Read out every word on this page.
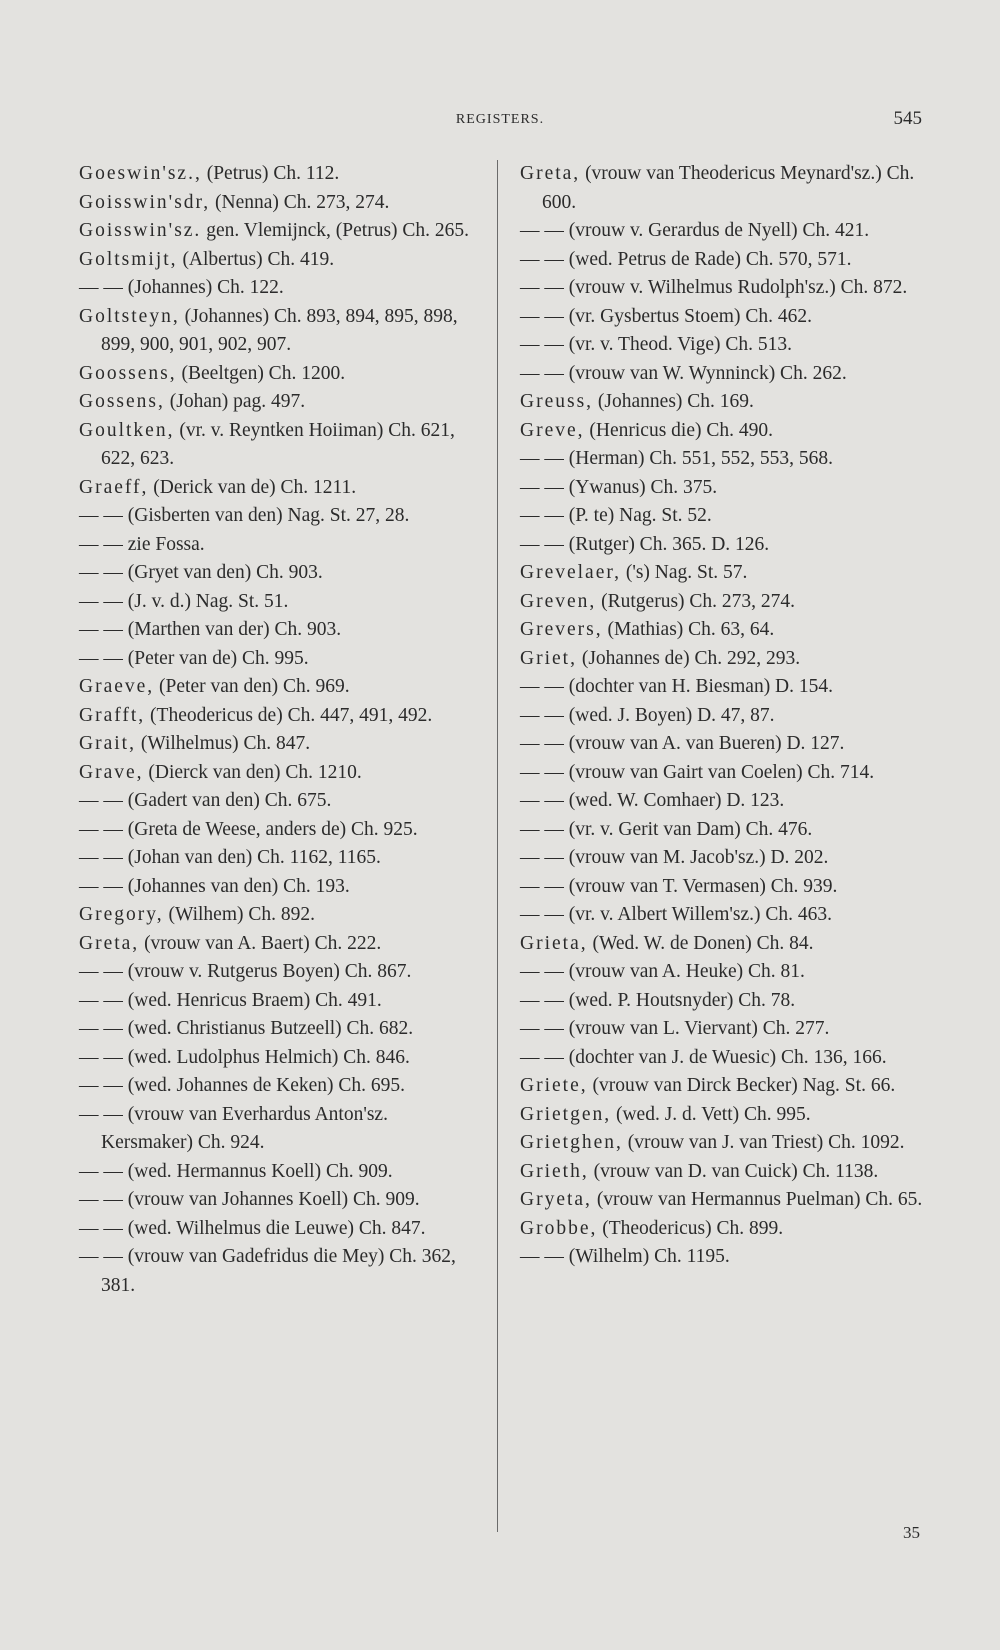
REGISTERS.	545
Goeswin'sz., (Petrus) Ch. 112.
Goisswin'sdr, (Nenna) Ch. 273, 274.
Goisswin'sz. gen. Vlemijnck, (Petrus) Ch. 265.
Goltsmijt, (Albertus) Ch. 419.
— — (Johannes) Ch. 122.
Goltsteyn, (Johannes) Ch. 893, 894, 895, 898, 899, 900, 901, 902, 907.
Goossens, (Beeltgen) Ch. 1200.
Gossens, (Johan) pag. 497.
Goultken, (vr. v. Reyntken Hoiiman) Ch. 621, 622, 623.
Graeff, (Derick van de) Ch. 1211.
— — (Gisberten van den) Nag. St. 27, 28.
— — zie Fossa.
— — (Gryet van den) Ch. 903.
— — (J. v. d.) Nag. St. 51.
— — (Marthen van der) Ch. 903.
— — (Peter van de) Ch. 995.
Graeve, (Peter van den) Ch. 969.
Grafft, (Theodericus de) Ch. 447, 491, 492.
Grait, (Wilhelmus) Ch. 847.
Grave, (Dierck van den) Ch. 1210.
— — (Gadert van den) Ch. 675.
— — (Greta de Weese, anders de) Ch. 925.
— — (Johan van den) Ch. 1162, 1165.
— — (Johannes van den) Ch. 193.
Gregory, (Wilhem) Ch. 892.
Greta, (vrouw van A. Baert) Ch. 222.
— — (vrouw v. Rutgerus Boyen) Ch. 867.
— — (wed. Henricus Braem) Ch. 491.
— — (wed. Christianus Butzeell) Ch. 682.
— — (wed. Ludolphus Helmich) Ch. 846.
— — (wed. Johannes de Keken) Ch. 695.
— — (vrouw van Everhardus Anton'sz. Kersmaker) Ch. 924.
— — (wed. Hermannus Koell) Ch. 909.
— — (vrouw van Johannes Koell) Ch. 909.
— — (wed. Wilhelmus die Leuwe) Ch. 847.
— — (vrouw van Gadefridus die Mey) Ch. 362, 381.
Greta, (vrouw van Theodericus Meynard'sz.) Ch. 600.
— — (vrouw v. Gerardus de Nyell) Ch. 421.
— — (wed. Petrus de Rade) Ch. 570, 571.
— — (vrouw v. Wilhelmus Rudolph'sz.) Ch. 872.
— — (vr. Gysbertus Stoem) Ch. 462.
— — (vr. v. Theod. Vige) Ch. 513.
— — (vrouw van W. Wynninck) Ch. 262.
Greuss, (Johannes) Ch. 169.
Greve, (Henricus die) Ch. 490.
— — (Herman) Ch. 551, 552, 553, 568.
— — (Ywanus) Ch. 375.
— — (P. te) Nag. St. 52.
— — (Rutger) Ch. 365. D. 126.
Grevelaer, ('s) Nag. St. 57.
Greven, (Rutgerus) Ch. 273, 274.
Grevers, (Mathias) Ch. 63, 64.
Griet, (Johannes de) Ch. 292, 293.
— — (dochter van H. Biesman) D. 154.
— — (wed. J. Boyen) D. 47, 87.
— — (vrouw van A. van Bueren) D. 127.
— — (vrouw van Gairt van Coelen) Ch. 714.
— — (wed. W. Comhaer) D. 123.
— — (vr. v. Gerit van Dam) Ch. 476.
— — (vrouw van M. Jacob'sz.) D. 202.
— — (vrouw van T. Vermasen) Ch. 939.
— — (vr. v. Albert Willem'sz.) Ch. 463.
Grieta, (Wed. W. de Donen) Ch. 84.
— — (vrouw van A. Heuke) Ch. 81.
— — (wed. P. Houtsnyder) Ch. 78.
— — (vrouw van L. Viervant) Ch. 277.
— — (dochter van J. de Wuesic) Ch. 136, 166.
Griete, (vrouw van Dirck Becker) Nag. St. 66.
Grietgen, (wed. J. d. Vett) Ch. 995.
Grietghen, (vrouw van J. van Triest) Ch. 1092.
Grieth, (vrouw van D. van Cuick) Ch. 1138.
Gryeta, (vrouw van Hermannus Puelman) Ch. 65.
Grobbe, (Theodericus) Ch. 899.
— — (Wilhelm) Ch. 1195.
35
